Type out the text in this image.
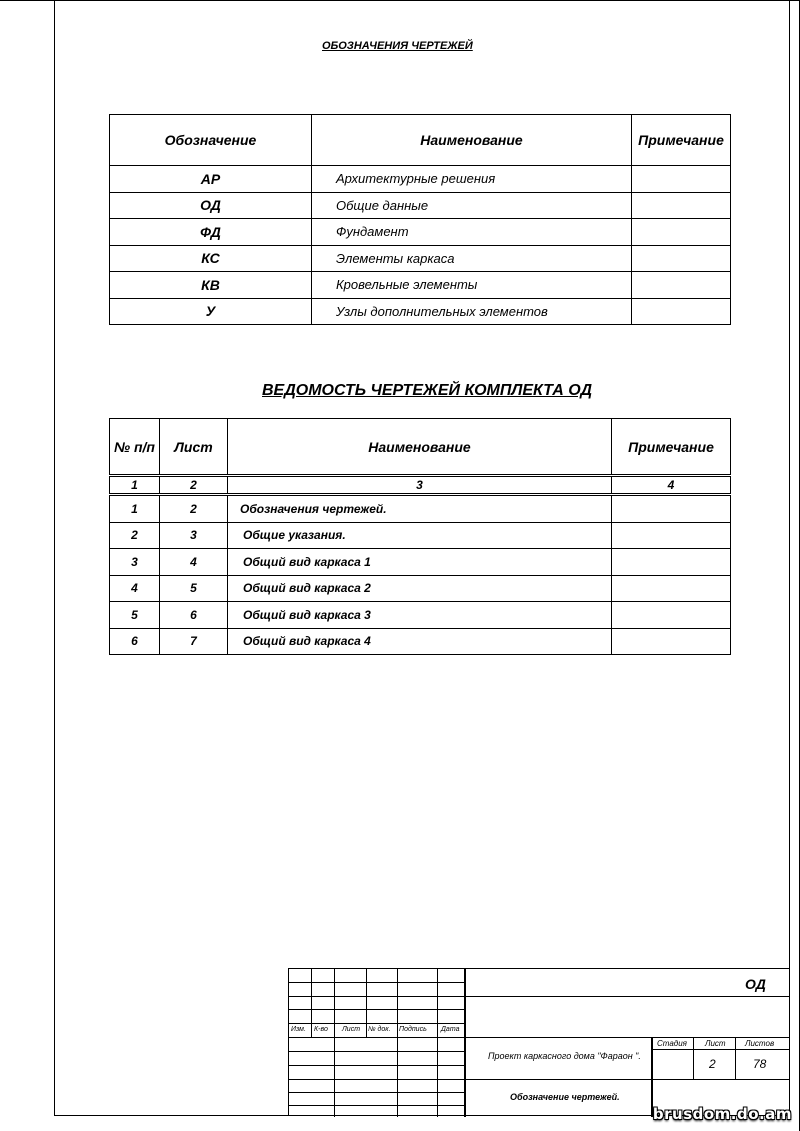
ОБОЗНАЧЕНИЯ ЧЕРТЕЖЕЙ
Обозначение	Наименование	Примечание
АР	Архитектурные решения	
ОД	Общие данные	
ФД	Фундамент	
КС	Элементы каркаса	
КВ	Кровельные элементы	
У	Узлы дополнительных элементов	
ВЕДОМОСТЬ ЧЕРТЕЖЕЙ КОМПЛЕКТА ОД
№ п/п	Лист	Наименование	Примечание
1	2	3	4
1	2	Обозначения чертежей.	
2	3	Общие указания.	
3	4	Общий вид каркаса 1	
4	5	Общий вид каркаса 2	
5	6	Общий вид каркаса 3	
6	7	Общий вид каркаса 4	
Изм. К-во Лист № док. Подпись Дата
ОД
Проект каркасного дома "Фараон ".
Стадия Лист Листов
2	78
Обозначение чертежей.
brusdom.do.am
